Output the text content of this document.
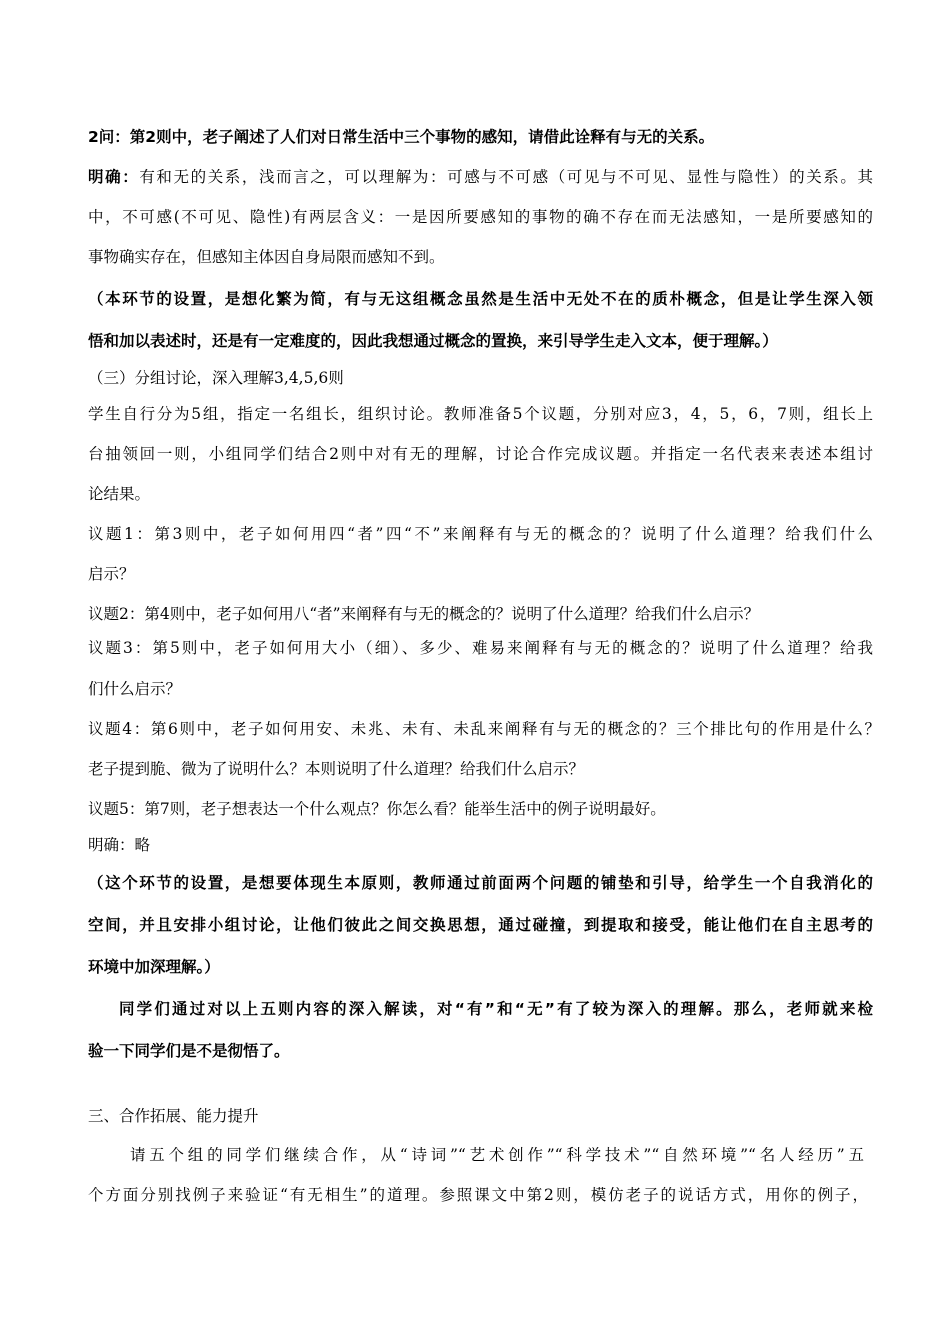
2问：第2则中，老子阐述了人们对日常生活中三个事物的感知，请借此诠释有与无的关系。

明确：有和无的关系，浅而言之，可以理解为：可感与不可感（可见与不可见、显性与隐性）的关系。其

中，不可感(不可见、隐性)有两层含义：一是因所要感知的事物的确不存在而无法感知，一是所要感知的

事物确实存在，但感知主体因自身局限而感知不到。

（本环节的设置，是想化繁为简，有与无这组概念虽然是生活中无处不在的质朴概念，但是让学生深入领

悟和加以表述时，还是有一定难度的，因此我想通过概念的置换，来引导学生走入文本，便于理解。）

（三）分组讨论，深入理解3,4,5,6则

学生自行分为5组，指定一名组长，组织讨论。教师准备5个议题，分别对应3，4，5，6，7则，组长上

台抽领回一则，小组同学们结合2则中对有无的理解，讨论合作完成议题。并指定一名代表来表述本组讨

论结果。

议题1：第3则中，老子如何用四“者”四“不”来阐释有与无的概念的？说明了什么道理？给我们什么

启示？

议题2：第4则中，老子如何用八“者”来阐释有与无的概念的？说明了什么道理？给我们什么启示？

议题3：第5则中，老子如何用大小（细）、多少、难易来阐释有与无的概念的？说明了什么道理？给我

们什么启示？

议题4：第6则中，老子如何用安、未兆、未有、未乱来阐释有与无的概念的？三个排比句的作用是什么？

老子提到脆、微为了说明什么？本则说明了什么道理？给我们什么启示？

议题5：第7则，老子想表达一个什么观点？你怎么看？能举生活中的例子说明最好。

明确：略

（这个环节的设置，是想要体现生本原则，教师通过前面两个问题的铺垫和引导，给学生一个自我消化的

空间，并且安排小组讨论，让他们彼此之间交换思想，通过碰撞，到提取和接受，能让他们在自主思考的

环境中加深理解。）

同学们通过对以上五则内容的深入解读，对“有”和“无”有了较为深入的理解。那么，老师就来检

验一下同学们是不是彻悟了。

三、合作拓展、能力提升

请五个组的同学们继续合作，从“诗词”“艺术创作”“科学技术”“自然环境”“名人经历”五

个方面分别找例子来验证“有无相生”的道理。参照课文中第2则，模仿老子的说话方式，用你的例子，
